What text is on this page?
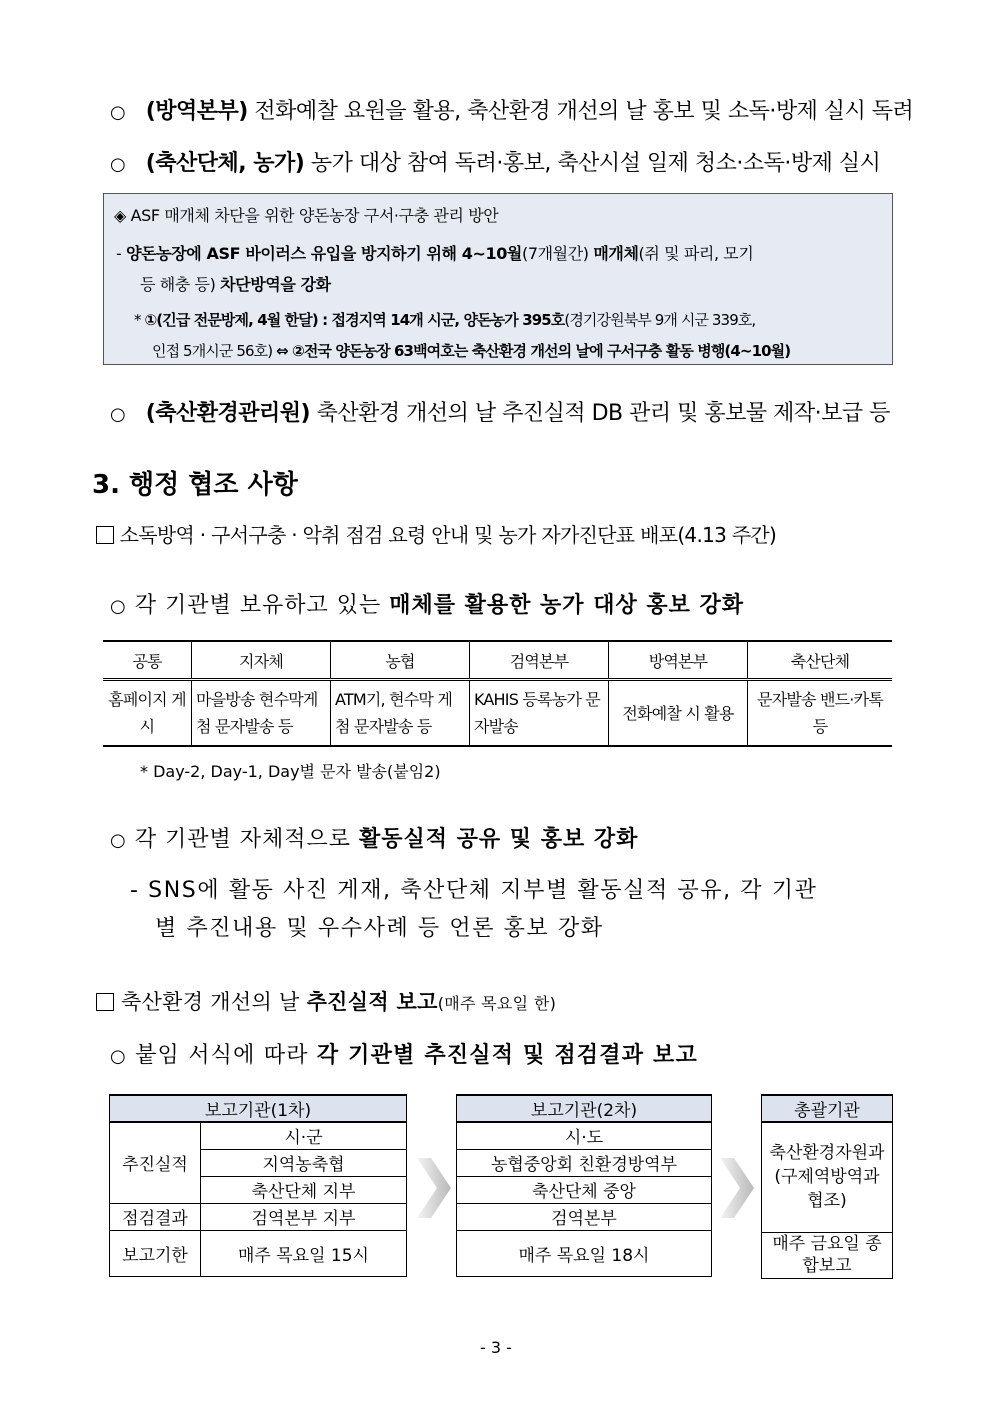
○ (방역본부) 전화예찰 요원을 활용, 축산환경 개선의 날 홍보 및 소독·방제 실시 독려
○ (축산단체, 농가) 농가 대상 참여 독려·홍보, 축산시설 일제 청소·소독·방제 실시
◈ ASF 매개체 차단을 위한 양돈농장 구서·구충 관리 방안
- 양돈농장에 ASF 바이러스 유입을 방지하기 위해 4~10월(7개월간) 매개체(쥐 및 파리, 모기
등 해충 등) 차단방역을 강화
* ①(긴급 전문방제, 4월 한달) : 접경지역 14개 시군, 양돈농가 395호(경기강원북부 9개 시군 339호,
인접 5개시군 56호) ⇔ ②전국 양돈농장 63백여호는 축산환경 개선의 날에 구서구충 활동 병행(4~10월)
○ (축산환경관리원) 축산환경 개선의 날 추진실적 DB 관리 및 홍보물 제작·보급 등
3. 행정 협조 사항
소독방역 · 구서구충 · 악취 점검 요령 안내 및 농가 자가진단표 배포(4.13 주간)
○ 각 기관별 보유하고 있는 매체를 활용한 농가 대상 홍보 강화
공통	지자체	농협	검역본부	방역본부	축산단체
홈페이지 게시	마을방송 현수막게첨 문자발송 등	ATM기, 현수막 게첨 문자발송 등	KAHIS 등록농가 문자발송	전화예찰 시 활용	문자발송 밴드·카톡 등
* Day-2, Day-1, Day별 문자 발송(붙임2)
○ 각 기관별 자체적으로 활동실적 공유 및 홍보 강화
- SNS에 활동 사진 게재, 축산단체 지부별 활동실적 공유, 각 기관
별 추진내용 및 우수사례 등 언론 홍보 강화
축산환경 개선의 날 추진실적 보고(매주 목요일 한)
○ 붙임 서식에 따라 각 기관별 추진실적 및 점검결과 보고
보고기관(1차)	
추진실적	시·군
	지역농축협
	축산단체 지부
점검결과	검역본부 지부
보고기한	매주 목요일 15시
보고기관(2차)
시·도
농협중앙회 친환경방역부
축산단체 중앙
검역본부
매주 목요일 18시
총괄기관
축산환경자원과 (구제역방역과 협조)
매주 금요일 종합보고
- 3 -
